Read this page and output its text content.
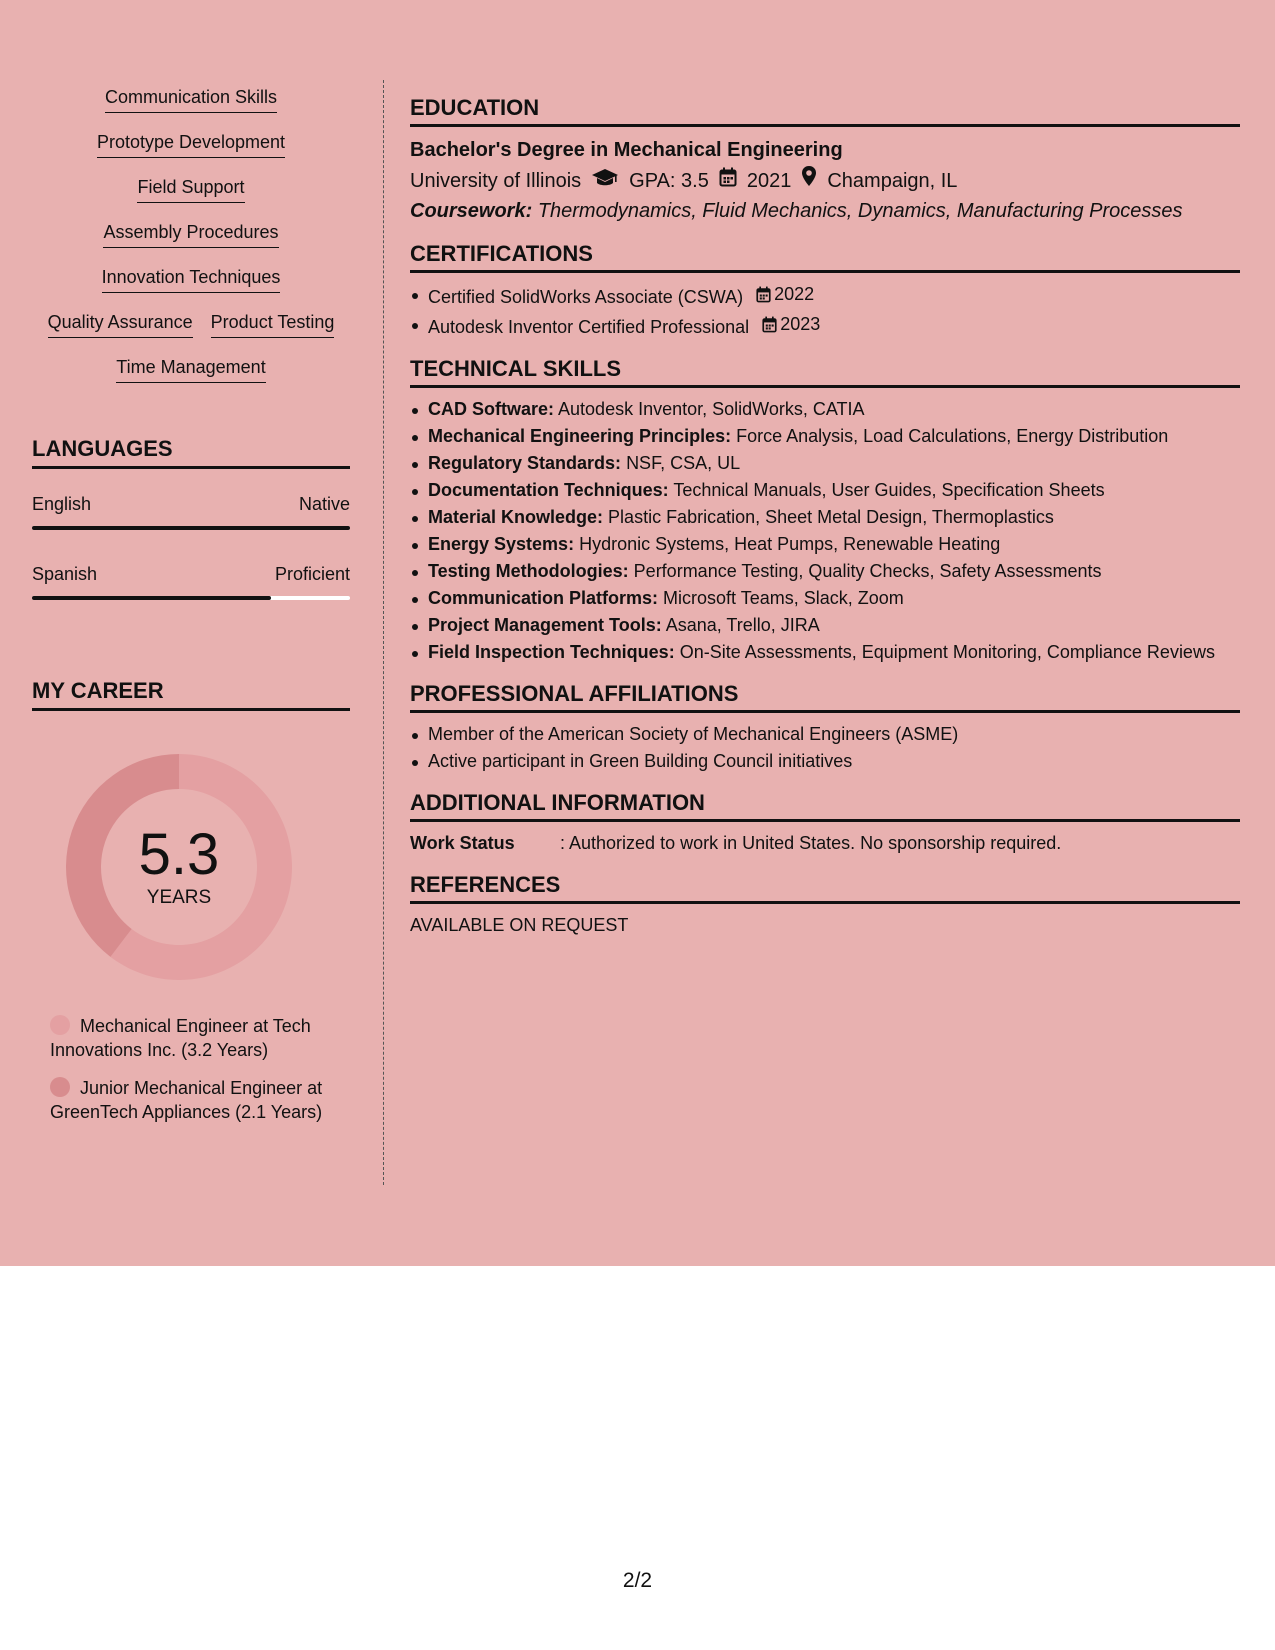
Communication Skills
Prototype Development
Field Support
Assembly Procedures
Innovation Techniques
Quality Assurance Product Testing
Time Management
LANGUAGES
English	Native
Spanish	Proficient
MY CAREER
5.3
YEARS
Mechanical Engineer at Tech Innovations Inc. (3.2 Years)
Junior Mechanical Engineer at GreenTech Appliances (2.1 Years)
EDUCATION
Bachelor's Degree in Mechanical Engineering
University of Illinois GPA: 3.5 2021 Champaign, IL
Coursework: Thermodynamics, Fluid Mechanics, Dynamics, Manufacturing Processes
CERTIFICATIONS
Certified SolidWorks Associate (CSWA) 2022
Autodesk Inventor Certified Professional 2023
TECHNICAL SKILLS
CAD Software: Autodesk Inventor, SolidWorks, CATIA
Mechanical Engineering Principles: Force Analysis, Load Calculations, Energy Distribution
Regulatory Standards: NSF, CSA, UL
Documentation Techniques: Technical Manuals, User Guides, Specification Sheets
Material Knowledge: Plastic Fabrication, Sheet Metal Design, Thermoplastics
Energy Systems: Hydronic Systems, Heat Pumps, Renewable Heating
Testing Methodologies: Performance Testing, Quality Checks, Safety Assessments
Communication Platforms: Microsoft Teams, Slack, Zoom
Project Management Tools: Asana, Trello, JIRA
Field Inspection Techniques: On-Site Assessments, Equipment Monitoring, Compliance Reviews
PROFESSIONAL AFFILIATIONS
Member of the American Society of Mechanical Engineers (ASME)
Active participant in Green Building Council initiatives
ADDITIONAL INFORMATION
Work Status	: Authorized to work in United States. No sponsorship required.
REFERENCES
AVAILABLE ON REQUEST
2/2
